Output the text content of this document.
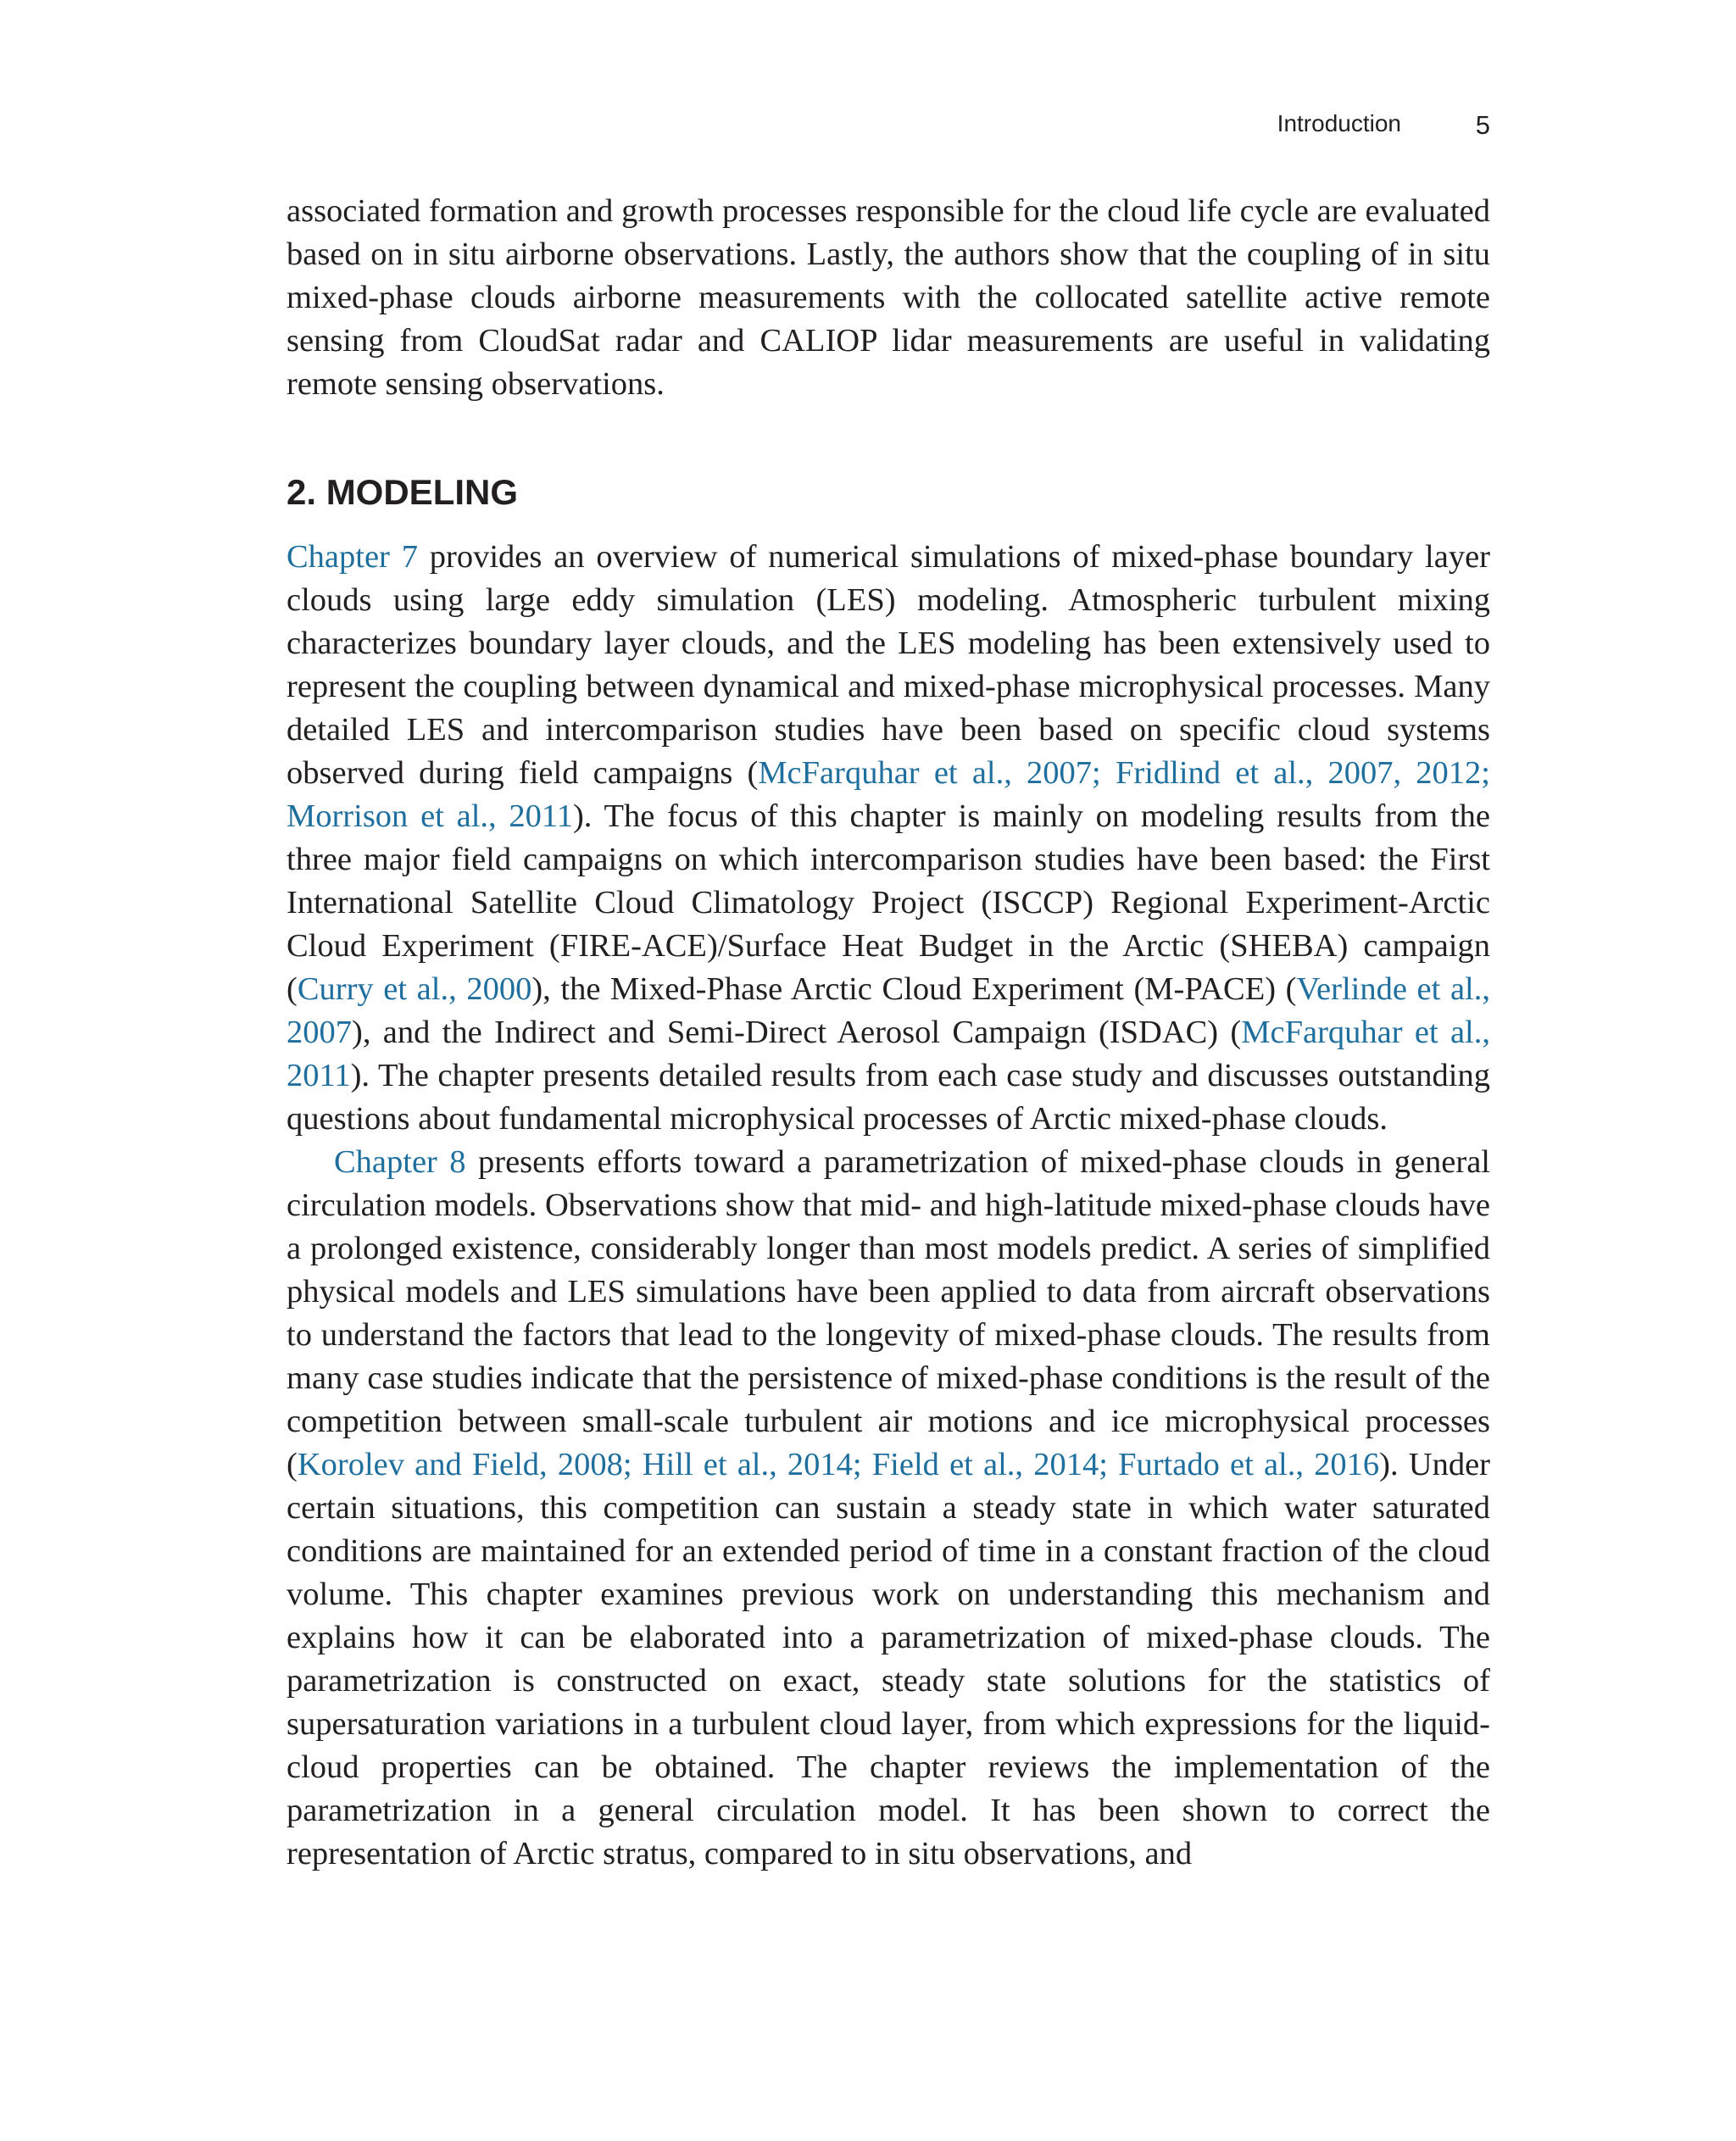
Introduction	5

associated formation and growth processes responsible for the cloud life cycle are evaluated based on in situ airborne observations. Lastly, the authors show that the coupling of in situ mixed-phase clouds airborne measurements with the collocated satellite active remote sensing from CloudSat radar and CALIOP lidar measurements are useful in validating remote sensing observations.

2. MODELING

Chapter 7 provides an overview of numerical simulations of mixed-phase boundary layer clouds using large eddy simulation (LES) modeling. Atmospheric turbulent mixing characterizes boundary layer clouds, and the LES modeling has been extensively used to represent the coupling between dynamical and mixed-phase microphysical processes. Many detailed LES and intercomparison studies have been based on specific cloud systems observed during field campaigns (McFarquhar et al., 2007; Fridlind et al., 2007, 2012; Morrison et al., 2011). The focus of this chapter is mainly on modeling results from the three major field campaigns on which intercomparison studies have been based: the First International Satellite Cloud Climatology Project (ISCCP) Regional Experiment-Arctic Cloud Experiment (FIRE-ACE)/Surface Heat Budget in the Arctic (SHEBA) campaign (Curry et al., 2000), the Mixed-Phase Arctic Cloud Experiment (M-PACE) (Verlinde et al., 2007), and the Indirect and Semi-Direct Aerosol Campaign (ISDAC) (McFarquhar et al., 2011). The chapter presents detailed results from each case study and discusses outstanding questions about fundamental microphysical processes of Arctic mixed-phase clouds.

Chapter 8 presents efforts toward a parametrization of mixed-phase clouds in general circulation models. Observations show that mid- and high-latitude mixed-phase clouds have a prolonged existence, considerably longer than most models predict. A series of simplified physical models and LES simulations have been applied to data from aircraft observations to understand the factors that lead to the longevity of mixed-phase clouds. The results from many case studies indicate that the persistence of mixed-phase conditions is the result of the competition between small-scale turbulent air motions and ice microphysical processes (Korolev and Field, 2008; Hill et al., 2014; Field et al., 2014; Furtado et al., 2016). Under certain situations, this competition can sustain a steady state in which water saturated conditions are maintained for an extended period of time in a constant fraction of the cloud volume. This chapter examines previous work on understanding this mechanism and explains how it can be elaborated into a parametrization of mixed-phase clouds. The parametrization is constructed on exact, steady state solutions for the statistics of supersaturation variations in a turbulent cloud layer, from which expressions for the liquid-cloud properties can be obtained. The chapter reviews the implementation of the parametrization in a general circulation model. It has been shown to correct the representation of Arctic stratus, compared to in situ observations, and
